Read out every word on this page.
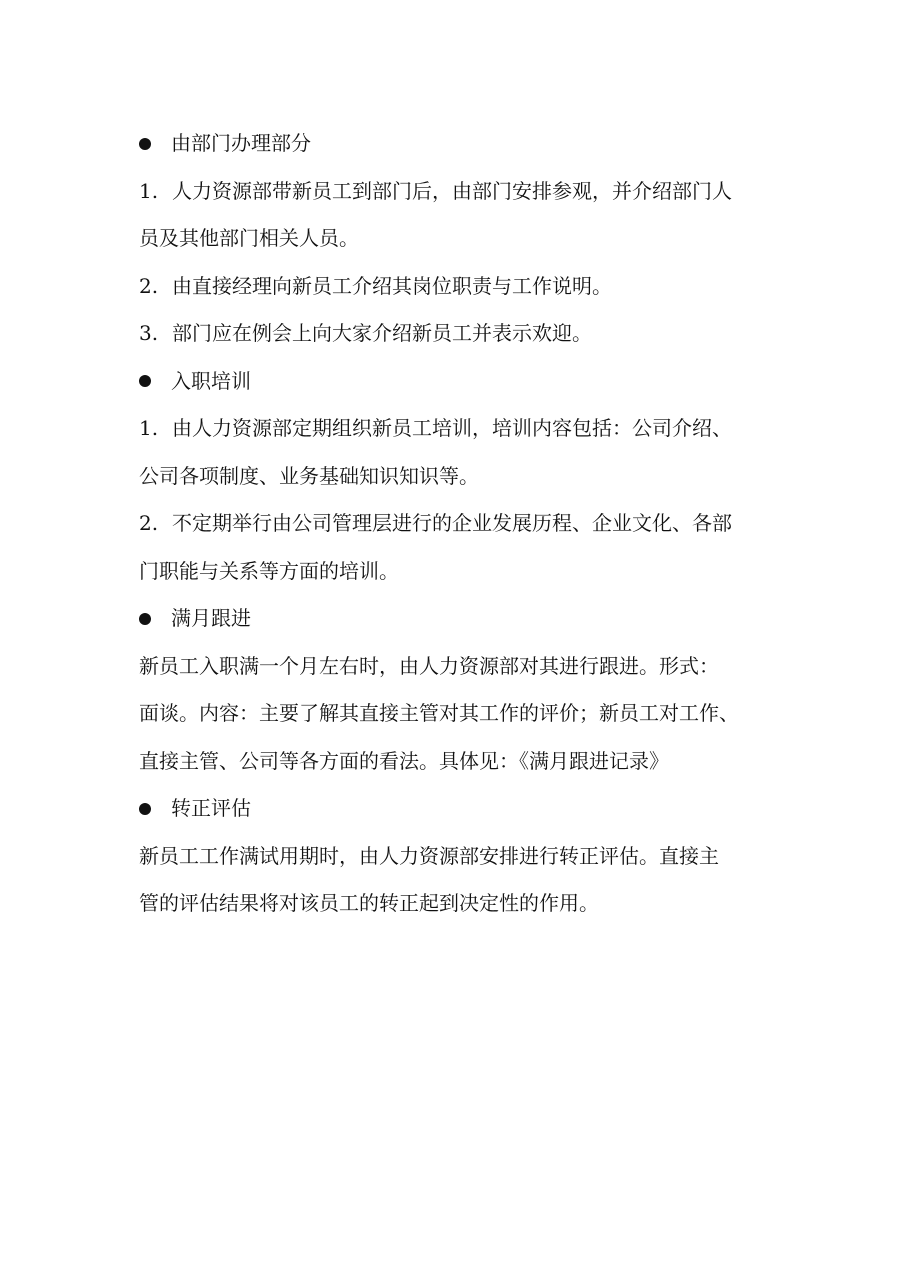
由部门办理部分
1. 人力资源部带新员工到部门后，由部门安排参观，并介绍部门人
员及其他部门相关人员。
2. 由直接经理向新员工介绍其岗位职责与工作说明。
3. 部门应在例会上向大家介绍新员工并表示欢迎。
入职培训
1. 由人力资源部定期组织新员工培训，培训内容包括：公司介绍、
公司各项制度、业务基础知识知识等。
2. 不定期举行由公司管理层进行的企业发展历程、企业文化、各部
门职能与关系等方面的培训。
满月跟进
新员工入职满一个月左右时，由人力资源部对其进行跟进。形式：
面谈。内容：主要了解其直接主管对其工作的评价；新员工对工作、
直接主管、公司等各方面的看法。具体见：《满月跟进记录》
转正评估
新员工工作满试用期时，由人力资源部安排进行转正评估。直接主
管的评估结果将对该员工的转正起到决定性的作用。
